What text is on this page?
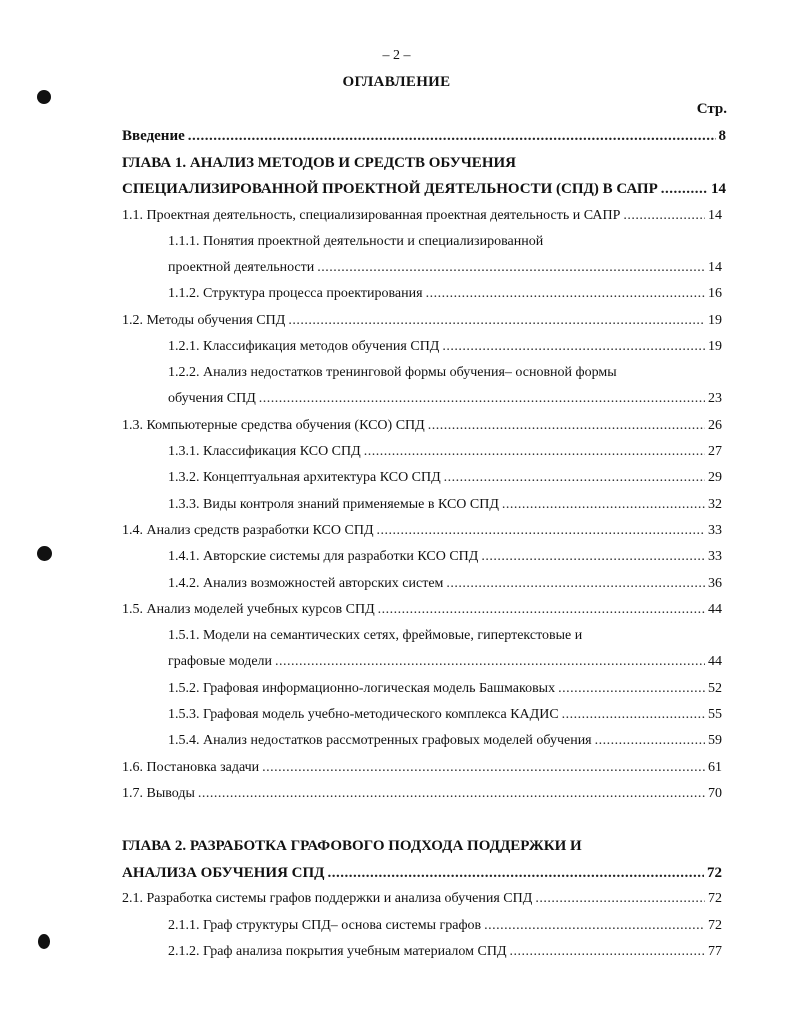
– 2 –
ОГЛАВЛЕНИЕ
Стр.
Введение .....	8
ГЛАВА 1. АНАЛИЗ МЕТОДОВ И СРЕДСТВ ОБУЧЕНИЯ
СПЕЦИАЛИЗИРОВАННОЙ ПРОЕКТНОЙ ДЕЯТЕЛЬНОСТИ (СПД) В САПР .....	14
1.1. Проектная деятельность, специализированная проектная деятельность и САПР .....	14
1.1.1. Понятия проектной деятельности и специализированной
проектной деятельности .....	14
1.1.2. Структура процесса проектирования .....	16
1.2. Методы обучения СПД .....	19
1.2.1. Классификация методов обучения СПД .....	19
1.2.2. Анализ недостатков тренинговой формы обучения– основной формы
обучения СПД .....	23
1.3. Компьютерные средства обучения (КСО) СПД .....	26
1.3.1. Классификация КСО СПД .....	27
1.3.2. Концептуальная архитектура КСО СПД .....	29
1.3.3. Виды контроля знаний применяемые в КСО СПД .....	32
1.4. Анализ средств разработки КСО СПД .....	33
1.4.1. Авторские системы для разработки КСО СПД .....	33
1.4.2. Анализ возможностей авторских систем .....	36
1.5. Анализ моделей учебных курсов СПД .....	44
1.5.1. Модели на семантических сетях, фреймовые, гипертекстовые и
графовые модели .....	44
1.5.2. Графовая информационно-логическая модель Башмаковых .....	52
1.5.3. Графовая модель учебно-методического комплекса КАДИС .....	55
1.5.4. Анализ недостатков рассмотренных графовых моделей обучения .....	59
1.6. Постановка задачи .....	61
1.7. Выводы .....	70
ГЛАВА 2. РАЗРАБОТКА ГРАФОВОГО ПОДХОДА ПОДДЕРЖКИ И
АНАЛИЗА ОБУЧЕНИЯ СПД .....	72
2.1. Разработка системы графов поддержки и анализа обучения СПД .....	72
2.1.1. Граф структуры СПД– основа системы графов .....	72
2.1.2. Граф анализа покрытия учебным материалом СПД .....	77
